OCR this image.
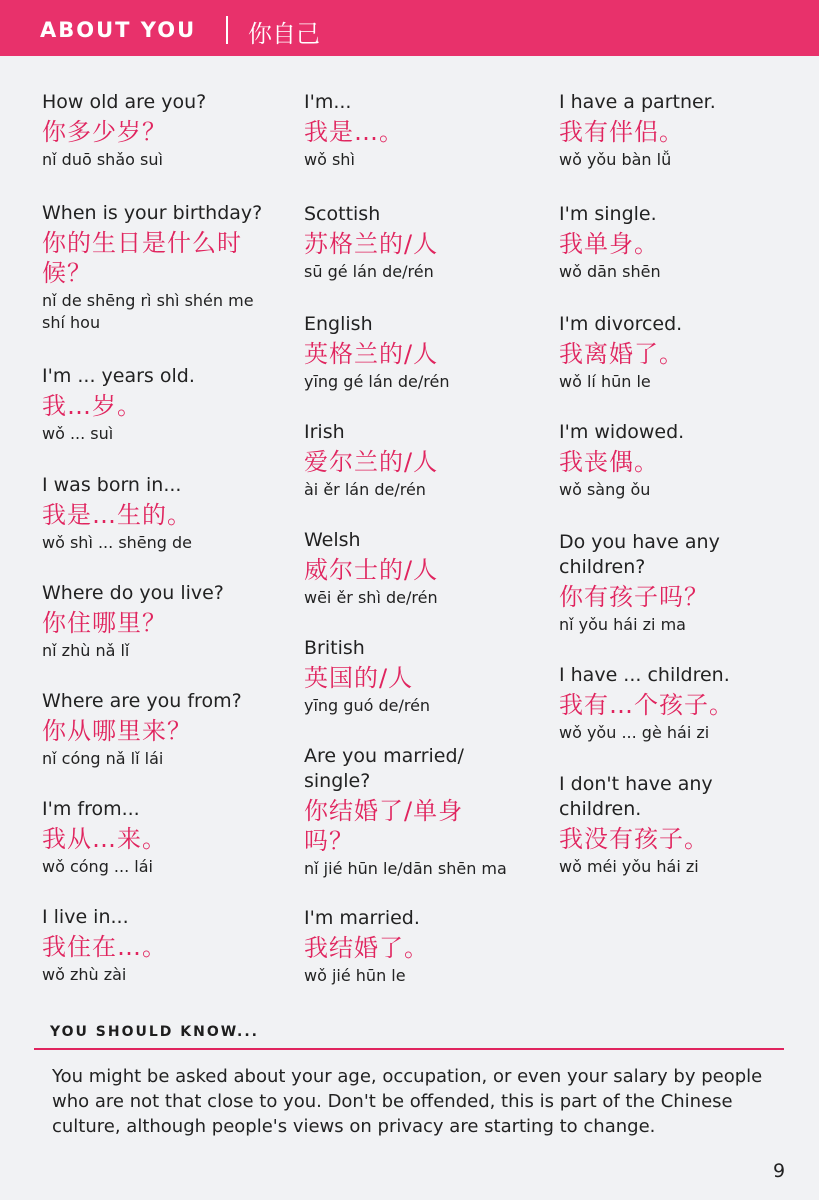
ABOUT YOU 你自己
How old are you?
你多少岁？
nǐ duō shǎo suì
When is your birthday?
你的生日是什么时候？
nǐ de shēng rì shì shén me shí hou
I'm ... years old.
我…岁。
wǒ ... suì
I was born in...
我是…生的。
wǒ shì ... shēng de
Where do you live?
你住哪里？
nǐ zhù nǎ lǐ
Where are you from?
你从哪里来？
nǐ cóng nǎ lǐ lái
I'm from...
我从…来。
wǒ cóng ... lái
I live in...
我住在…。
wǒ zhù zài
I'm...
我是…。
wǒ shì
Scottish
苏格兰的/人
sū gé lán de/rén
English
英格兰的/人
yīng gé lán de/rén
Irish
爱尔兰的/人
ài ěr lán de/rén
Welsh
威尔士的/人
wēi ěr shì de/rén
British
英国的/人
yīng guó de/rén
Are you married/ single?
你结婚了/单身吗？
nǐ jié hūn le/dān shēn ma
I'm married.
我结婚了。
wǒ jié hūn le
I have a partner.
我有伴侣。
wǒ yǒu bàn lǚ
I'm single.
我单身。
wǒ dān shēn
I'm divorced.
我离婚了。
wǒ lí hūn le
I'm widowed.
我丧偶。
wǒ sàng ǒu
Do you have any children?
你有孩子吗？
nǐ yǒu hái zi ma
I have ... children.
我有…个孩子。
wǒ yǒu ... gè hái zi
I don't have any children.
我没有孩子。
wǒ méi yǒu hái zi
YOU SHOULD KNOW...
You might be asked about your age, occupation, or even your salary by people who are not that close to you. Don't be offended, this is part of the Chinese culture, although people's views on privacy are starting to change.
9
